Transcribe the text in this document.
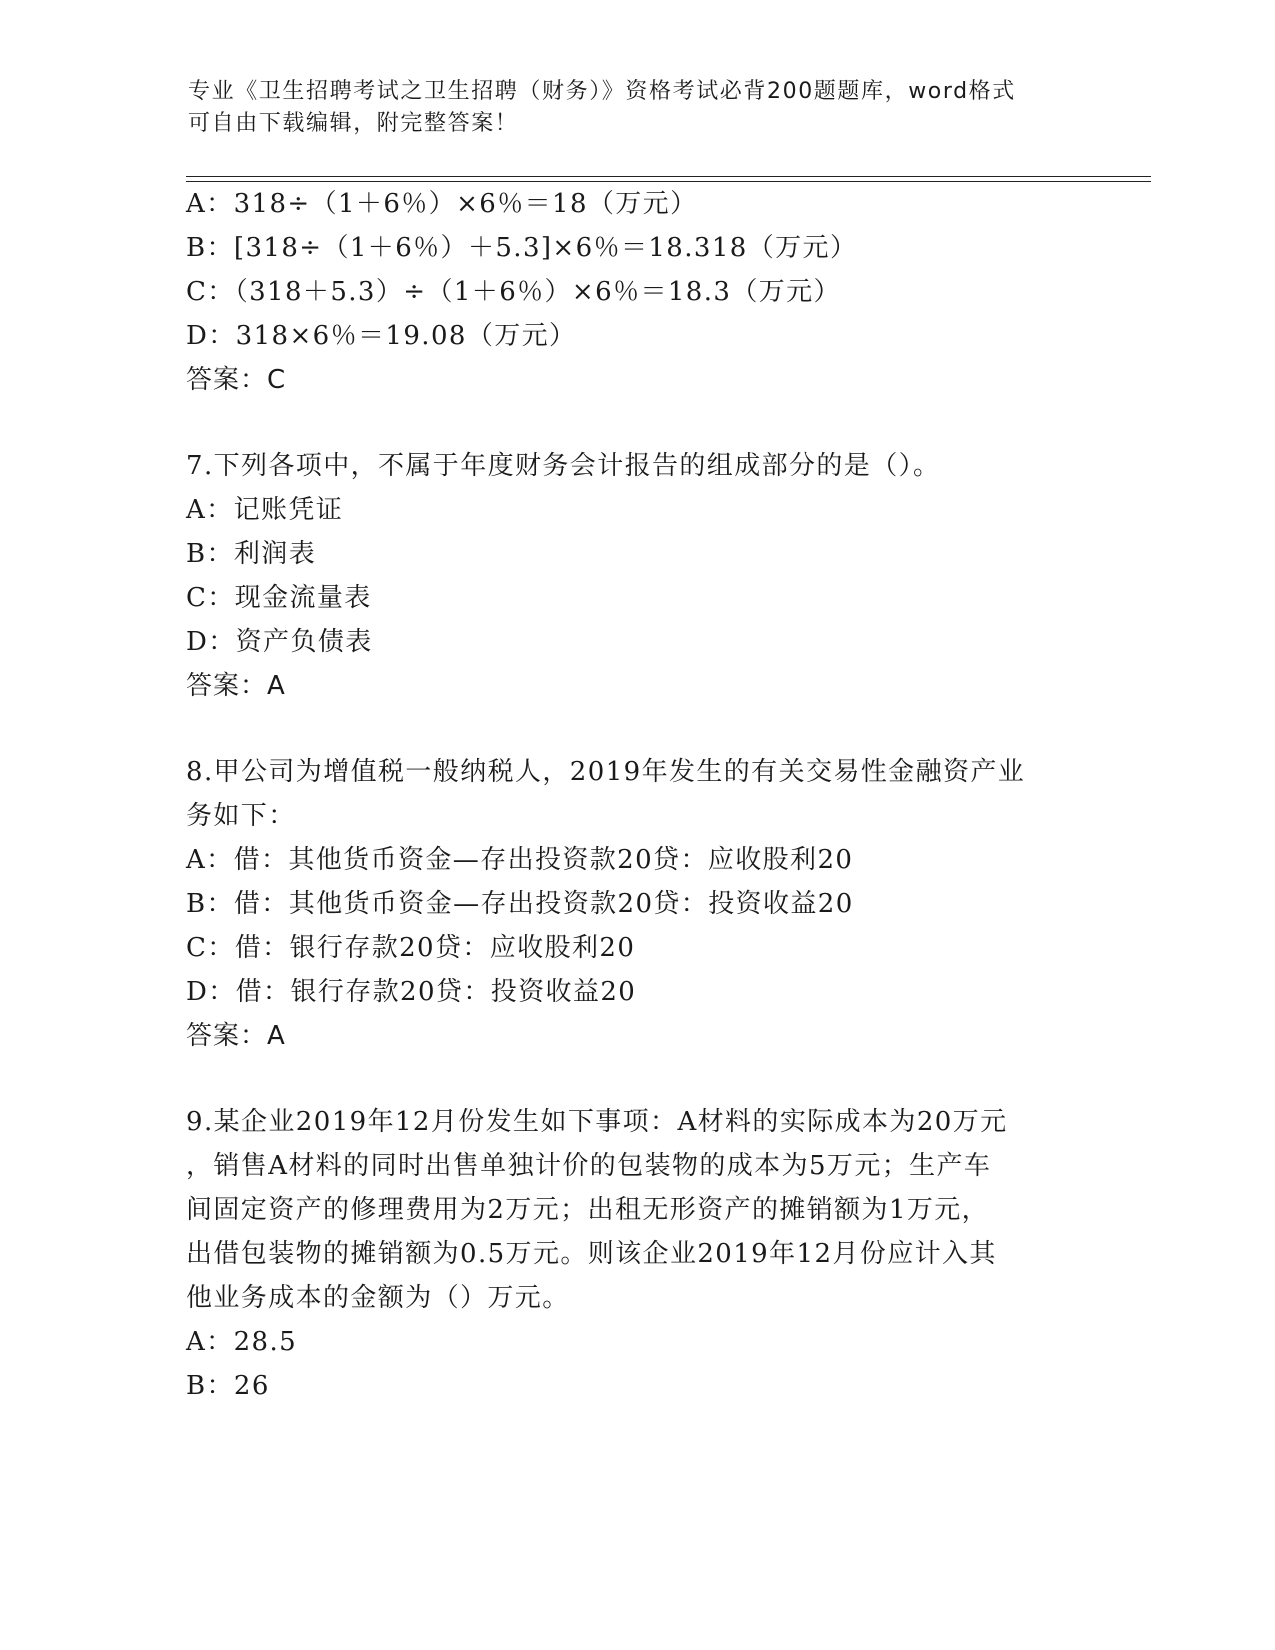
专业《卫生招聘考试之卫生招聘（财务）》资格考试必背200题题库，word格式
可自由下载编辑，附完整答案！
A：318÷（1＋6％）×6％＝18（万元）
B：[318÷（1＋6％）＋5.3]×6％＝18.318（万元）
C：（318＋5.3）÷（1＋6％）×6％＝18.3（万元）
D：318×6％＝19.08（万元）
答案：C
7.下列各项中，不属于年度财务会计报告的组成部分的是（）。
A：记账凭证
B：利润表
C：现金流量表
D：资产负债表
答案：A
8.甲公司为增值税一般纳税人，2019年发生的有关交易性金融资产业
务如下：
A：借：其他货币资金—存出投资款20贷：应收股利20
B：借：其他货币资金—存出投资款20贷：投资收益20
C：借：银行存款20贷：应收股利20
D：借：银行存款20贷：投资收益20
答案：A
9.某企业2019年12月份发生如下事项：A材料的实际成本为20万元
，销售A材料的同时出售单独计价的包装物的成本为5万元；生产车
间固定资产的修理费用为2万元；出租无形资产的摊销额为1万元，
出借包装物的摊销额为0.5万元。则该企业2019年12月份应计入其
他业务成本的金额为（）万元。
A：28.5
B：26
